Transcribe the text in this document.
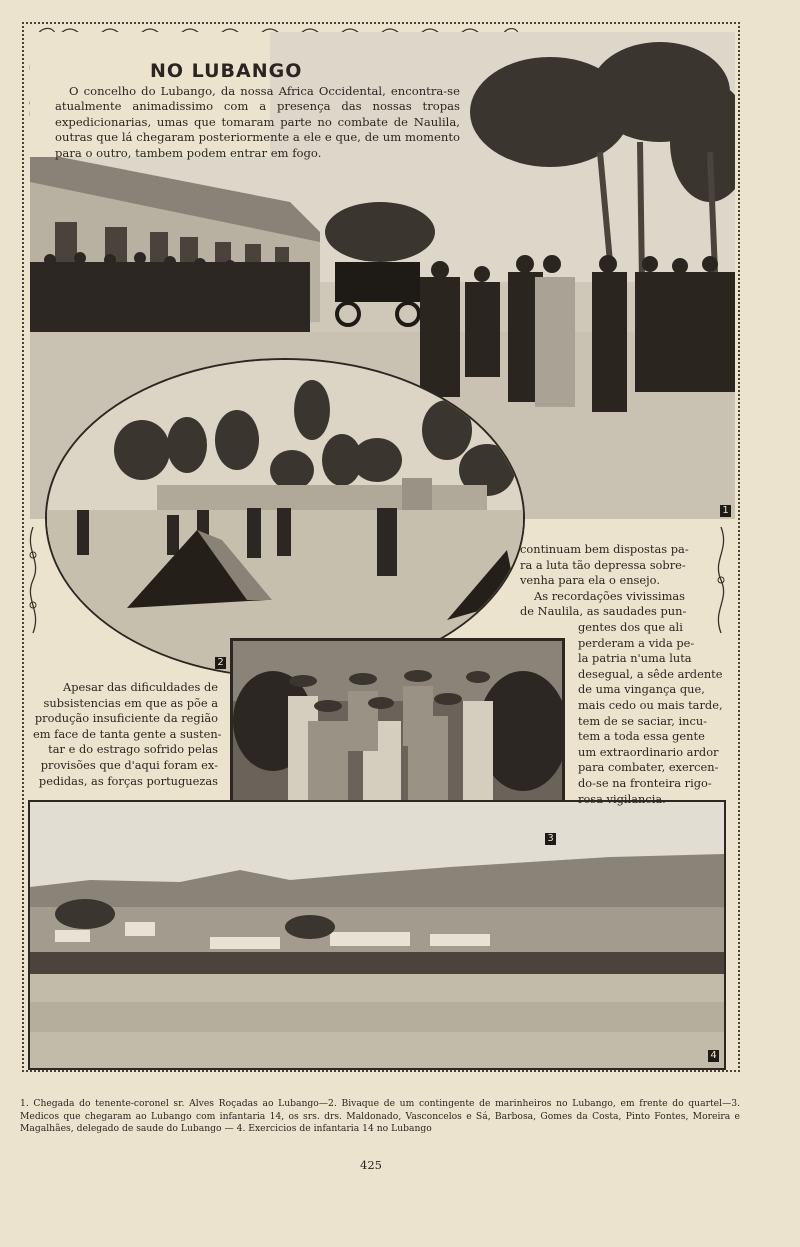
1
2
3
4
NO LUBANGO

O concelho do Lubango, da nossa Africa Occidental, encontra-se atualmente animadissimo com a presença das nossas tropas expedicionarias, umas que tomaram parte no combate de Naulila, outras que lá chegaram posteriormente a ele e que, de um momento para o outro, tambem podem entrar em fogo.

Apesar das dificuldades de
subsistencias em que as põe a
produção insuficiente da região
em face de tanta gente a susten-
tar e do estrago sofrido pelas
provisões que d'aqui foram ex-
pedidas, as forças portuguezas
continuam bem dispostas pa-
ra a luta tão depressa sobre-
venha para ela o ensejo.
As recordações vivissimas
de Naulila, as saudades pun-
gentes dos que ali
perderam a vida pe-
la patria n'uma luta
desegual, a sêde ardente
de uma vingança que,
mais cedo ou mais tarde,
tem de se saciar, incu-
tem a toda essa gente
um extraordinario ardor
para combater, exercen-
do-se na fronteira rigo-
rosa vigilancia.

1. Chegada do tenente-coronel sr. Alves Roçadas ao Lubango—2. Bivaque de um contingente de marinheiros no Lubango, em frente do quartel—3. Medicos que chegaram ao Lubango com infantaria 14, os srs. drs. Maldonado, Vasconcelos e Sá, Barbosa, Gomes da Costa, Pinto Fontes, Moreira e Magalhães, delegado de saude do Lubango — 4. Exercicios de infantaria 14 no Lubango

425
